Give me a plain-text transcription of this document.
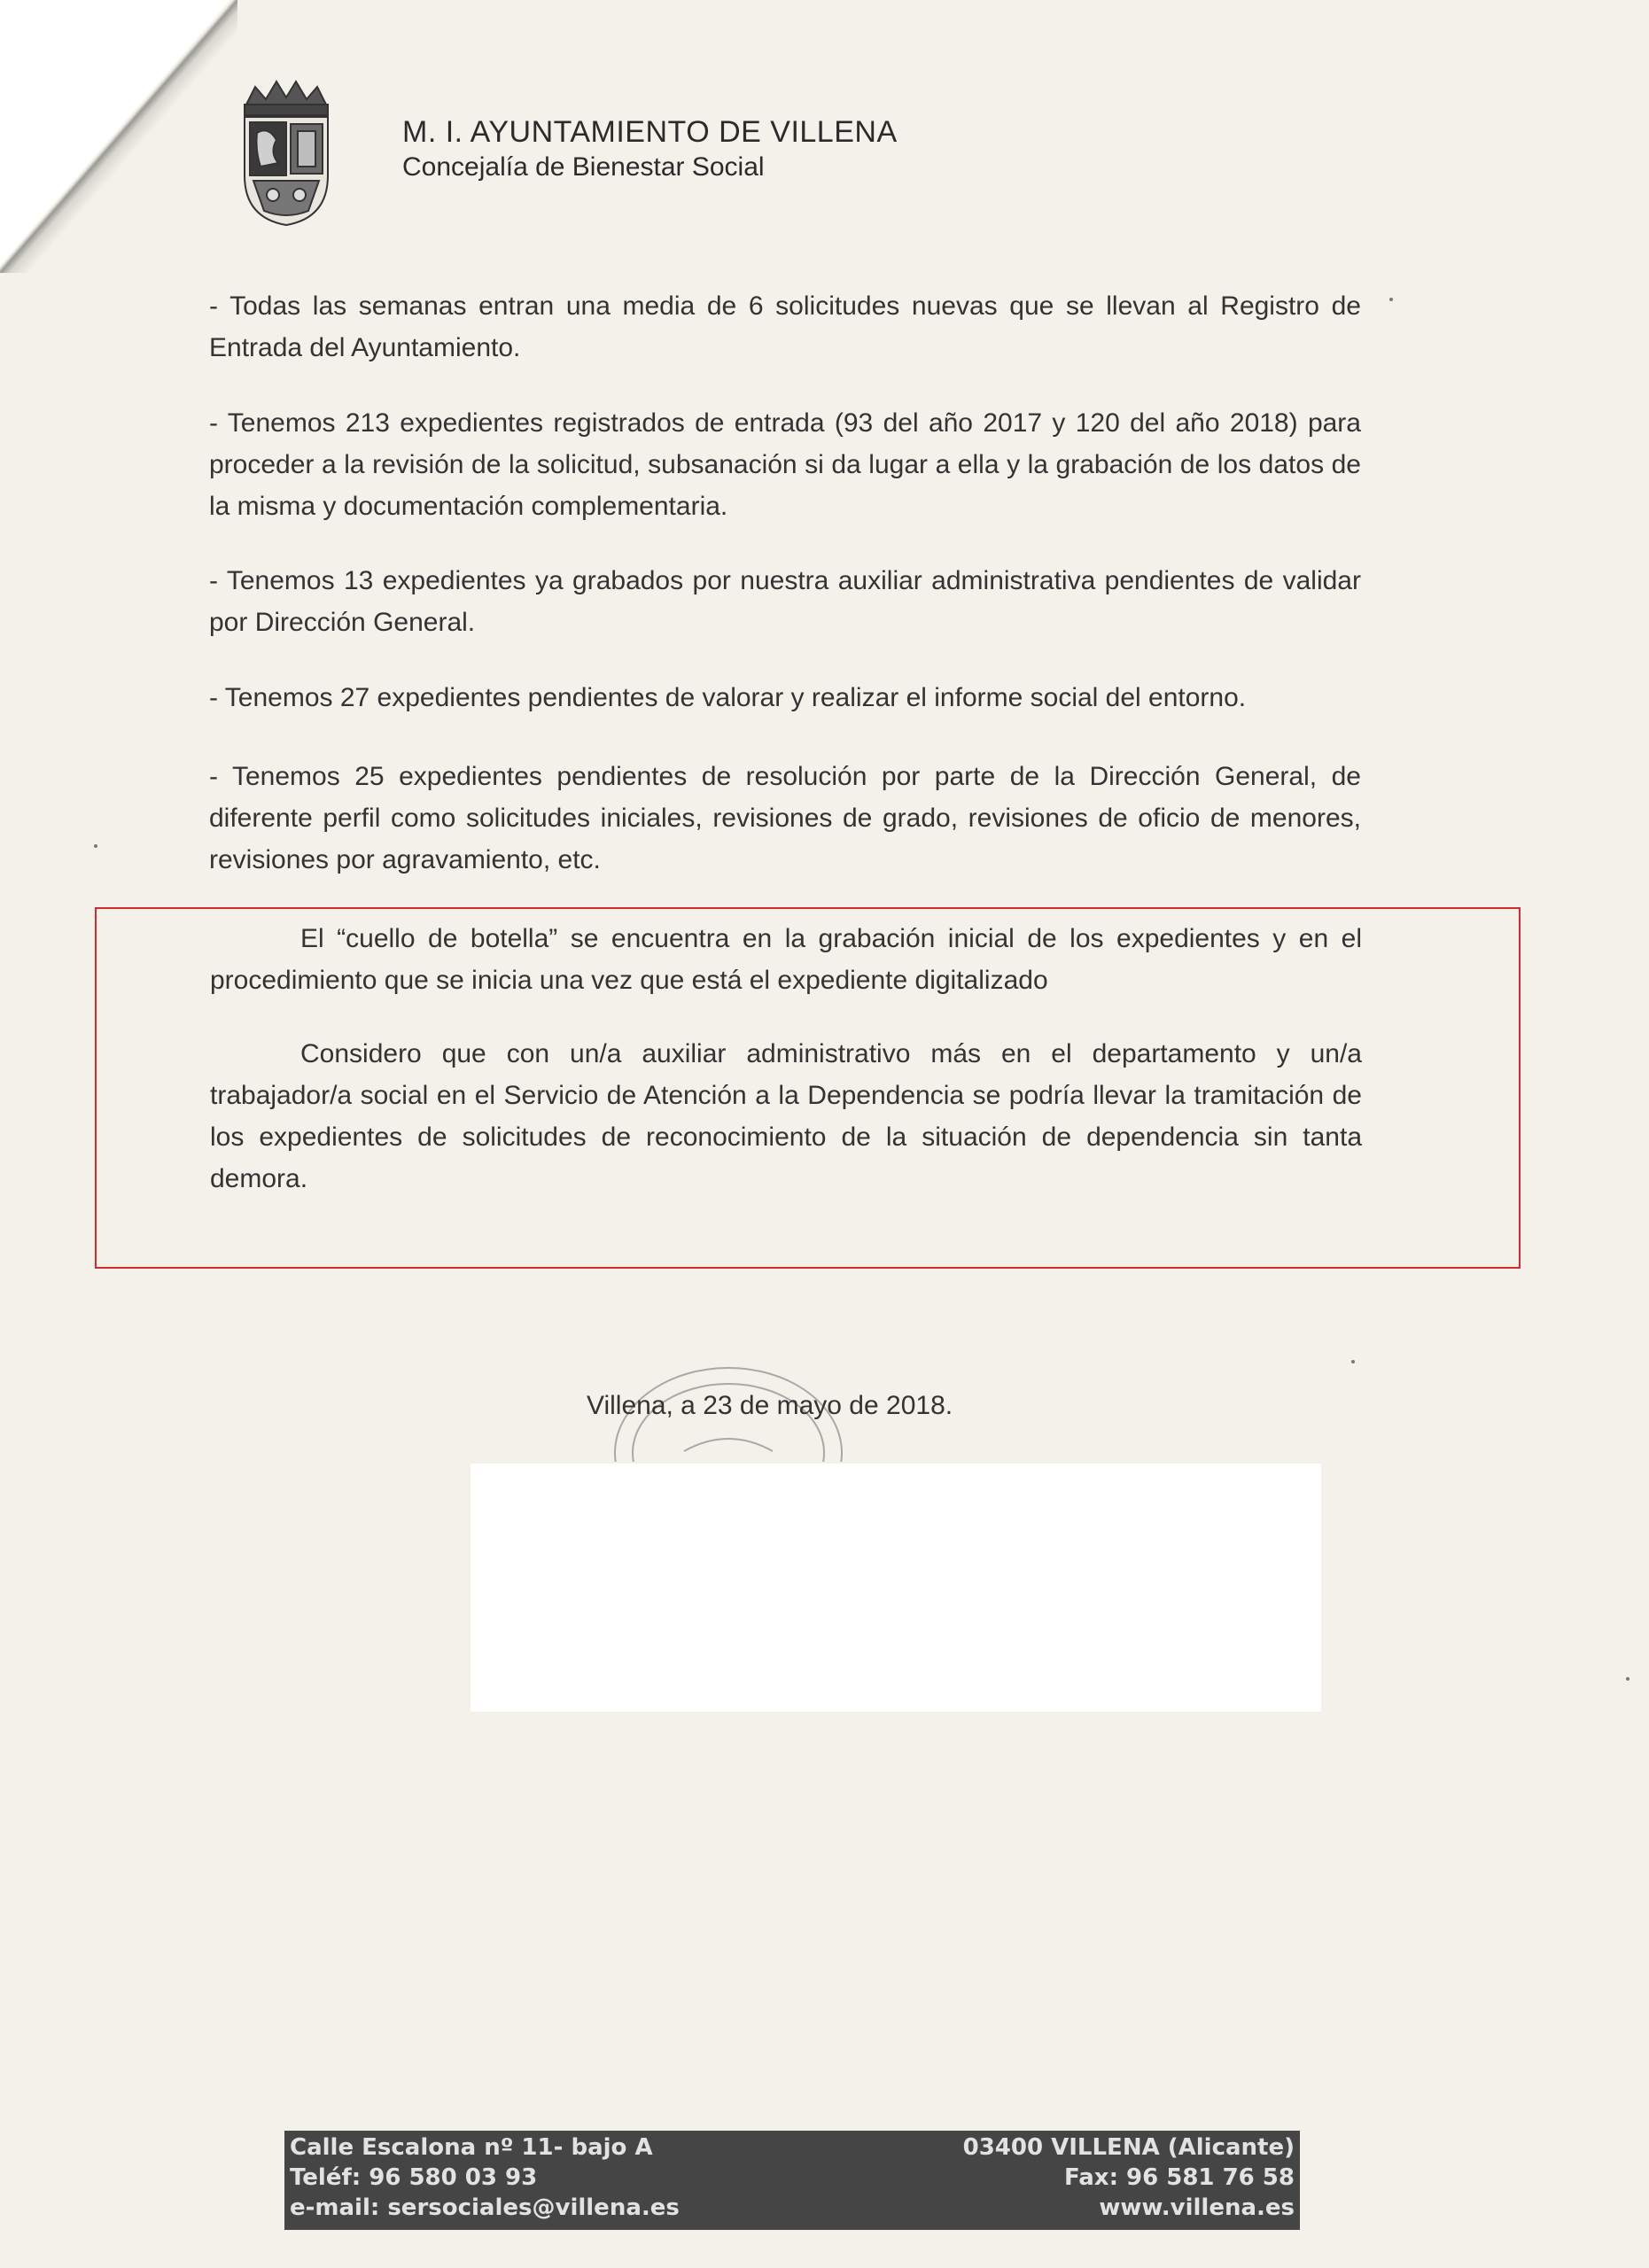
M. I. AYUNTAMIENTO DE VILLENA
Concejalía de Bienestar Social
- Todas las semanas entran una media de 6 solicitudes nuevas que se llevan al Registro de Entrada del Ayuntamiento.
- Tenemos 213 expedientes registrados de entrada (93 del año 2017 y 120 del año 2018) para proceder a la revisión de la solicitud, subsanación si da lugar a ella y la grabación de los datos de la misma y documentación complementaria.
- Tenemos 13 expedientes ya grabados por nuestra auxiliar administrativa pendientes de validar por Dirección General.
- Tenemos 27 expedientes pendientes de valorar y realizar el informe social del entorno.
- Tenemos 25 expedientes pendientes de resolución por parte de la Dirección General, de diferente perfil como solicitudes iniciales, revisiones de grado, revisiones de oficio de menores, revisiones por agravamiento, etc.
El “cuello de botella” se encuentra en la grabación inicial de los expedientes y en el procedimiento que se inicia una vez que está el expediente digitalizado
Considero que con un/a auxiliar administrativo más en el departamento y un/a trabajador/a social en el Servicio de Atención a la Dependencia se podría llevar la tramitación de los expedientes de solicitudes de reconocimiento de la situación de dependencia sin tanta demora.
Villena, a 23 de mayo de 2018.
Calle Escalona nº 11- bajo A
Teléf: 96 580 03 93
e-mail: sersociales@villena.es
03400 VILLENA (Alicante)
Fax: 96 581 76 58
www.villena.es
